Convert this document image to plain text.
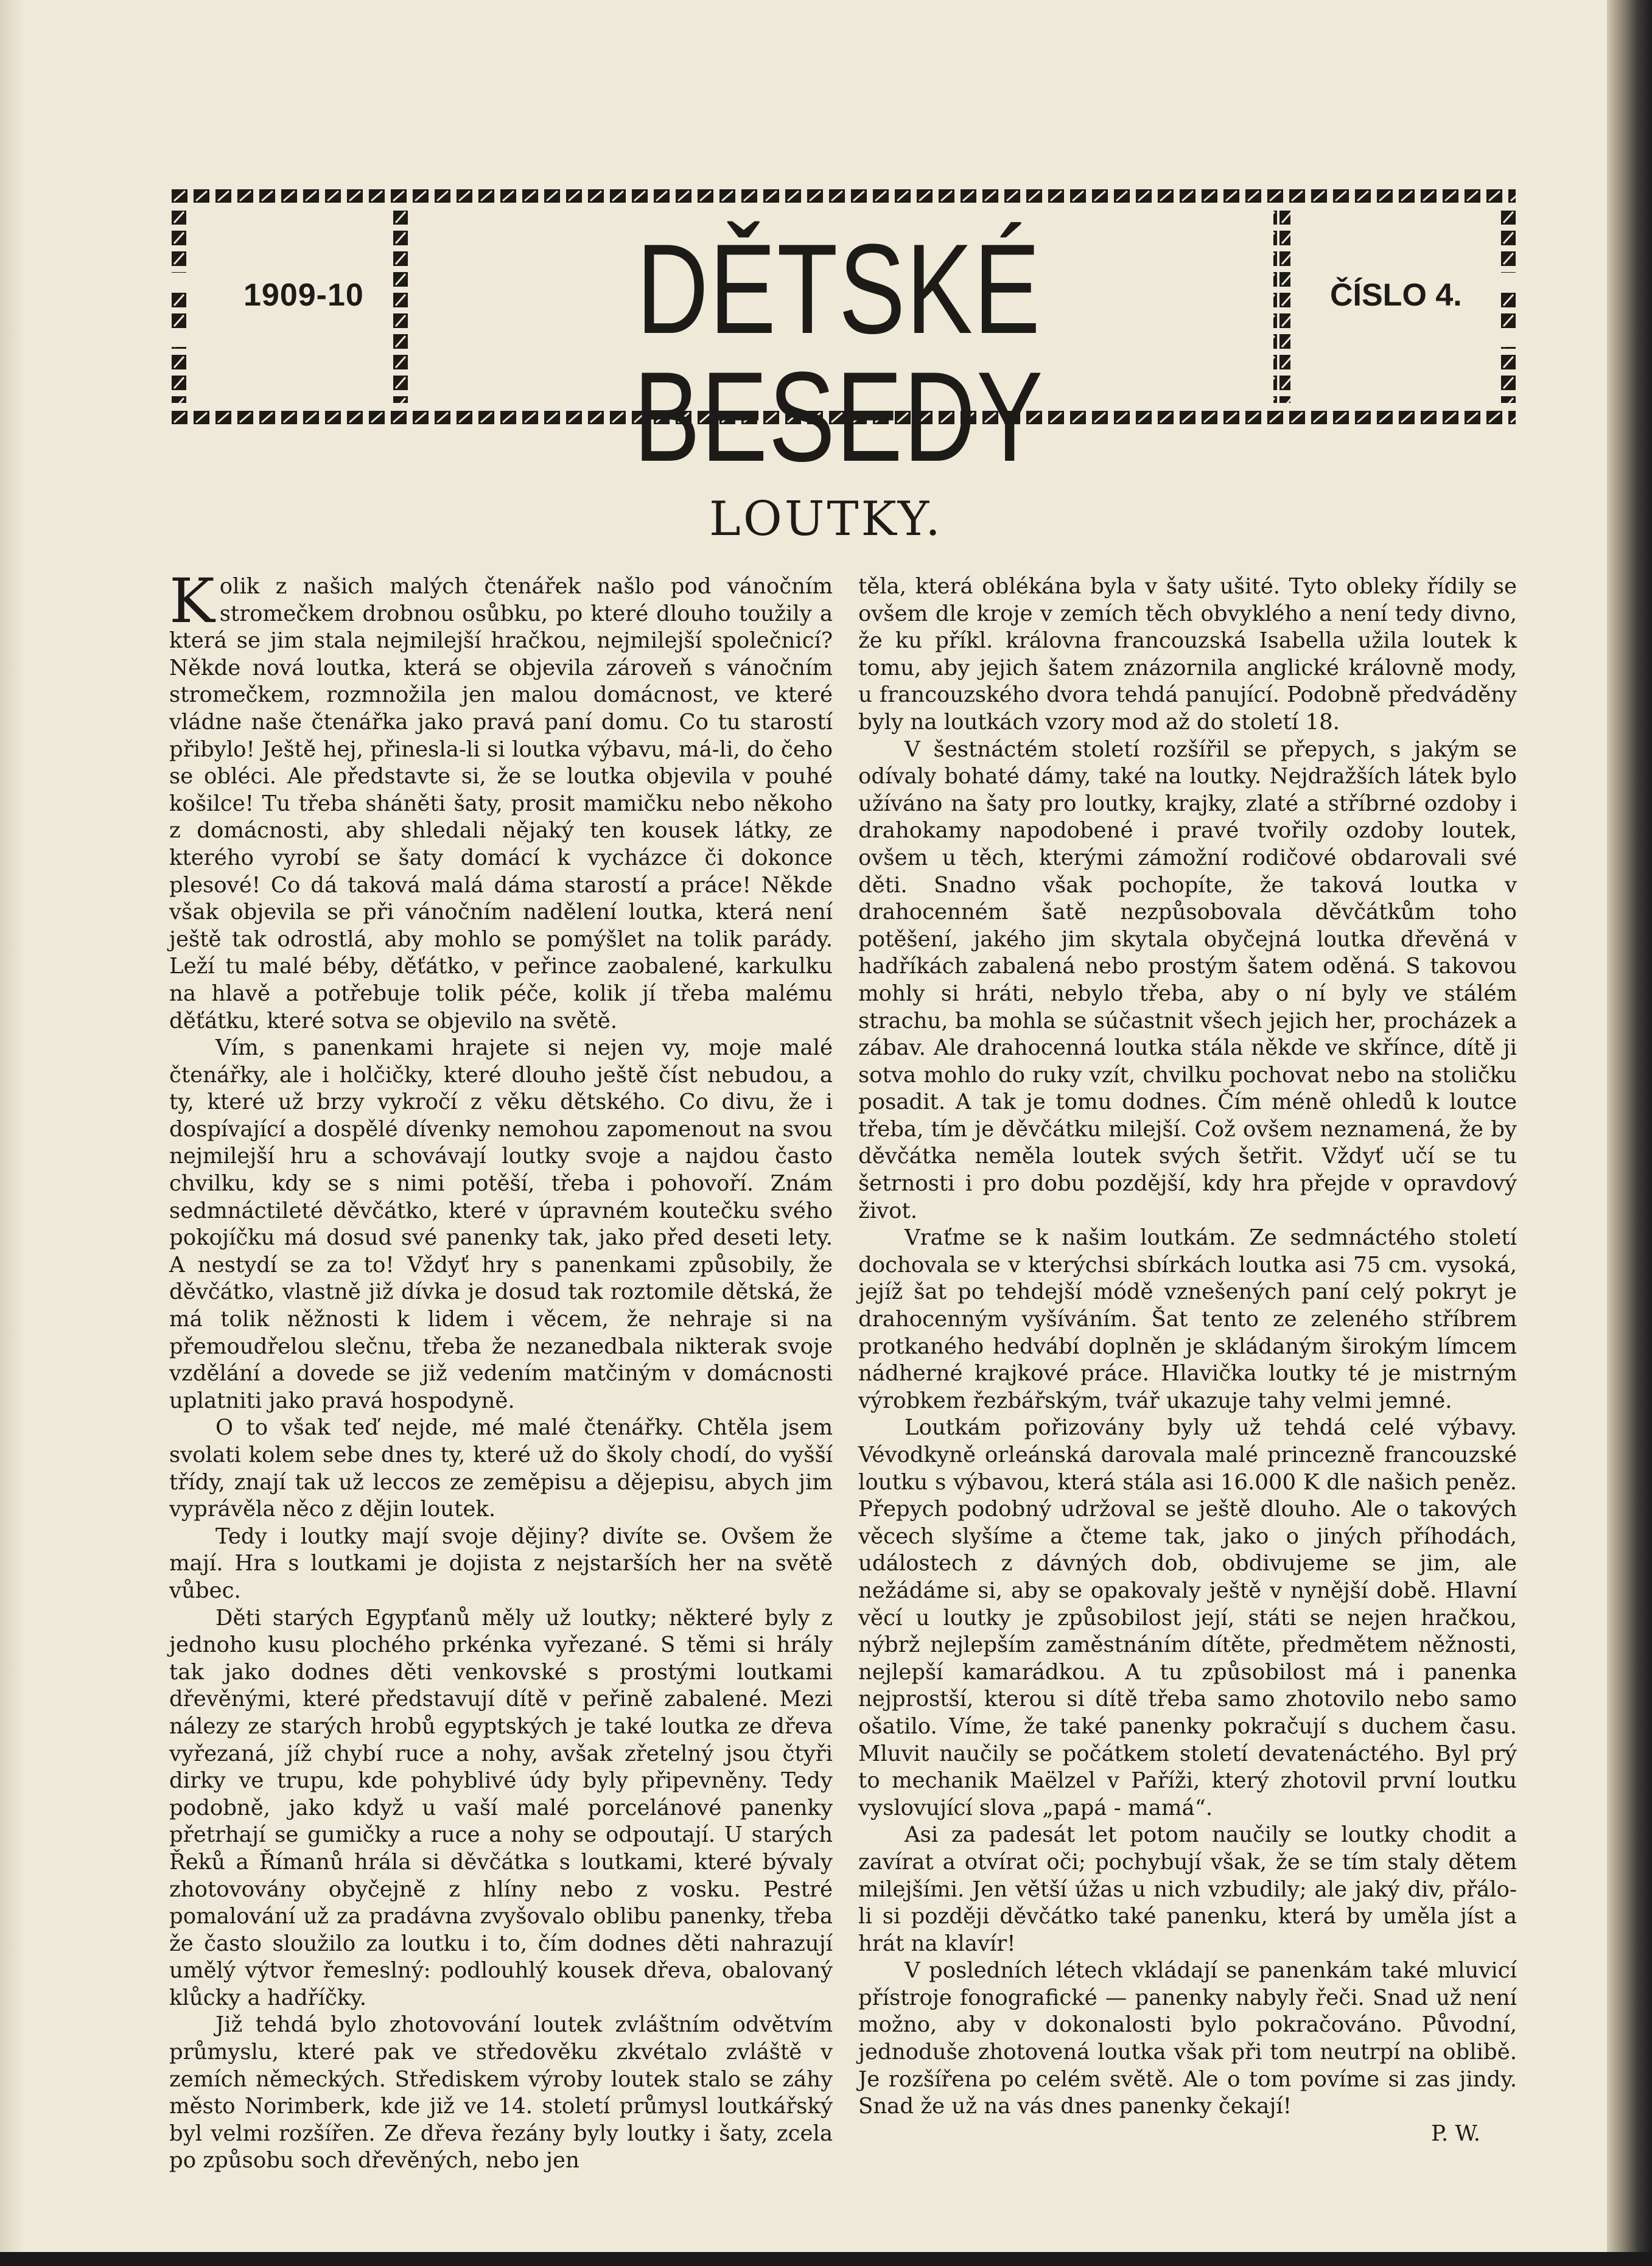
1909-10	DĚTSKÉ BESEDY
ČÍSLO 4.
LOUTKY.

Kolik z našich malých čtenářek našlo pod vánočním stromečkem drobnou osůbku, po které dlouho toužily a která se jim stala nejmilejší hračkou, nejmilejší společnicí? Někde nová loutka, která se objevila zároveň s vánočním stromečkem, rozmnožila jen malou domácnost, ve které vládne naše čtenářka jako pravá paní domu. Co tu starostí přibylo! Ještě hej, přinesla-li si loutka výbavu, má-li, do čeho se obléci. Ale představte si, že se loutka objevila v pouhé košilce! Tu třeba sháněti šaty, prosit mamičku nebo někoho z domácnosti, aby shledali nějaký ten kousek látky, ze kterého vyrobí se šaty domácí k vycházce či dokonce plesové! Co dá taková malá dáma starostí a práce! Někde však objevila se při vánočním nadělení loutka, která není ještě tak odrostlá, aby mohlo se pomýšlet na tolik parády. Leží tu malé béby, děťátko, v peřince zaobalené, karkulku na hlavě a potřebuje tolik péče, kolik jí třeba malému děťátku, které sotva se objevilo na světě.

Vím, s panenkami hrajete si nejen vy, moje malé čtenářky, ale i holčičky, které dlouho ještě číst nebudou, a ty, které už brzy vykročí z věku dětského. Co divu, že i dospívající a dospělé dívenky nemohou zapomenout na svou nejmilejší hru a schovávají loutky svoje a najdou často chvilku, kdy se s nimi potěší, třeba i pohovoří. Znám sedmnáctileté děvčátko, které v úpravném koutečku svého pokojíčku má dosud své panenky tak, jako před deseti lety. A nestydí se za to! Vždyť hry s panenkami způsobily, že děvčátko, vlastně již dívka je dosud tak roztomile dětská, že má tolik něžnosti k lidem i věcem, že nehraje si na přemoudřelou slečnu, třeba že nezanedbala nikterak svoje vzdělání a dovede se již vedením matčiným v domácnosti uplatniti jako pravá hospodyně.

O to však teď nejde, mé malé čtenářky. Chtěla jsem svolati kolem sebe dnes ty, které už do školy chodí, do vyšší třídy, znají tak už leccos ze zeměpisu a dějepisu, abych jim vyprávěla něco z dějin loutek.

Tedy i loutky mají svoje dějiny? divíte se. Ovšem že mají. Hra s loutkami je dojista z nejstarších her na světě vůbec.

Děti starých Egypťanů měly už loutky; některé byly z jednoho kusu plochého prkénka vyřezané. S těmi si hrály tak jako dodnes děti venkovské s prostými loutkami dřevěnými, které představují dítě v peřině zabalené. Mezi nálezy ze starých hrobů egyptských je také loutka ze dřeva vyřezaná, jíž chybí ruce a nohy, avšak zřetelný jsou čtyři dirky ve trupu, kde pohyblivé údy byly připevněny. Tedy podobně, jako když u vaší malé porcelánové panenky přetrhají se gumičky a ruce a nohy se odpoutají. U starých Řeků a Římanů hrála si děvčátka s loutkami, které bývaly zhotovovány obyčejně z hlíny nebo z vosku. Pestré pomalování už za pradávna zvyšovalo oblibu panenky, třeba že často sloužilo za loutku i to, čím dodnes děti nahrazují umělý výtvor řemeslný: podlouhlý kousek dřeva, obalovaný klůcky a hadříčky.

Již tehdá bylo zhotovování loutek zvláštním odvětvím průmyslu, které pak ve středověku zkvétalo zvláště v zemích německých. Střediskem výroby loutek stalo se záhy město Norimberk, kde již ve 14. století průmysl loutkářský byl velmi rozšířen. Ze dřeva řezány byly loutky i šaty, zcela po způsobu soch dřevěných, nebo jen

těla, která oblékána byla v šaty ušité. Tyto obleky řídily se ovšem dle kroje v zemích těch obvyklého a není tedy divno, že ku příkl. královna francouzská Isabella užila loutek k tomu, aby jejich šatem znázornila anglické královně mody, u francouzského dvora tehdá panující. Podobně předváděny byly na loutkách vzory mod až do století 18.

V šestnáctém století rozšířil se přepych, s jakým se odívaly bohaté dámy, také na loutky. Nejdražších látek bylo užíváno na šaty pro loutky, krajky, zlaté a stříbrné ozdoby i drahokamy napodobené i pravé tvořily ozdoby loutek, ovšem u těch, kterými zámožní rodičové obdarovali své děti. Snadno však pochopíte, že taková loutka v drahocenném šatě nezpůsobovala děvčátkům toho potěšení, jakého jim skytala obyčejná loutka dřevěná v hadříkách zabalená nebo prostým šatem oděná. S takovou mohly si hráti, nebylo třeba, aby o ní byly ve stálém strachu, ba mohla se súčastnit všech jejich her, procházek a zábav. Ale drahocenná loutka stála někde ve skřínce, dítě ji sotva mohlo do ruky vzít, chvilku pochovat nebo na stoličku posadit. A tak je tomu dodnes. Čím méně ohledů k loutce třeba, tím je děvčátku milejší. Což ovšem neznamená, že by děvčátka neměla loutek svých šetřit. Vždyť učí se tu šetrnosti i pro dobu pozdější, kdy hra přejde v opravdový život.

Vraťme se k našim loutkám. Ze sedmnáctého století dochovala se v kterýchsi sbírkách loutka asi 75 cm. vysoká, jejíž šat po tehdejší módě vznešených paní celý pokryt je drahocenným vyšíváním. Šat tento ze zeleného stříbrem protkaného hedvábí doplněn je skládaným širokým límcem nádherné krajkové práce. Hlavička loutky té je mistrným výrobkem řezbářským, tvář ukazuje tahy velmi jemné.

Loutkám pořizovány byly už tehdá celé výbavy. Vévodkyně orleánská darovala malé princezně francouzské loutku s výbavou, která stála asi 16.000 K dle našich peněz. Přepych podobný udržoval se ještě dlouho. Ale o takových věcech slyšíme a čteme tak, jako o jiných příhodách, událostech z dávných dob, obdivujeme se jim, ale nežádáme si, aby se opakovaly ještě v nynější době. Hlavní věcí u loutky je způsobilost její, státi se nejen hračkou, nýbrž nejlepším zaměstnáním dítěte, předmětem něžnosti, nejlepší kamarádkou. A tu způsobilost má i panenka nejprostší, kterou si dítě třeba samo zhotovilo nebo samo ošatilo. Víme, že také panenky pokračují s duchem času. Mluvit naučily se počátkem století devatenáctého. Byl prý to mechanik Maëlzel v Paříži, který zhotovil první loutku vyslovující slova „papá - mamá“.

Asi za padesát let potom naučily se loutky chodit a zavírat a otvírat oči; pochybují však, že se tím staly dětem milejšími. Jen větší úžas u nich vzbudily; ale jaký div, přálo-li si později děvčátko také panenku, která by uměla jíst a hrát na klavír!

V posledních létech vkládají se panenkám také mluvicí přístroje fonografické — panenky nabyly řeči. Snad už není možno, aby v dokonalosti bylo pokračováno. Původní, jednoduše zhotovená loutka však při tom neutrpí na oblibě. Je rozšířena po celém světě. Ale o tom povíme si zas jindy. Snad že už na vás dnes panenky čekají!

P. W.
